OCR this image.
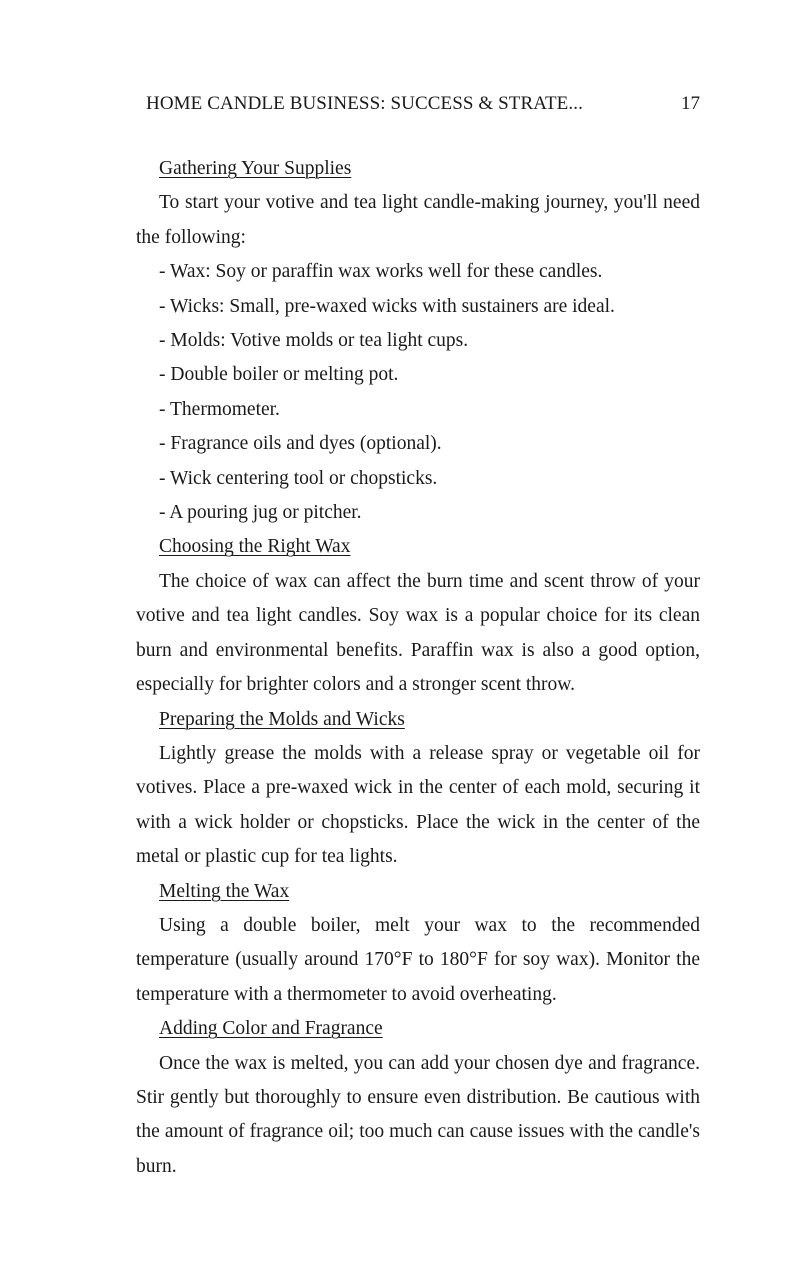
HOME CANDLE BUSINESS: SUCCESS & STRATE...	17

Gathering Your Supplies

To start your votive and tea light candle-making journey, you'll need the following:

- Wax: Soy or paraffin wax works well for these candles.
- Wicks: Small, pre-waxed wicks with sustainers are ideal.
- Molds: Votive molds or tea light cups.
- Double boiler or melting pot.
- Thermometer.
- Fragrance oils and dyes (optional).
- Wick centering tool or chopsticks.
- A pouring jug or pitcher.

Choosing the Right Wax

The choice of wax can affect the burn time and scent throw of your votive and tea light candles. Soy wax is a popular choice for its clean burn and environmental benefits. Paraffin wax is also a good option, especially for brighter colors and a stronger scent throw.

Preparing the Molds and Wicks

Lightly grease the molds with a release spray or vegetable oil for votives. Place a pre-waxed wick in the center of each mold, securing it with a wick holder or chopsticks. Place the wick in the center of the metal or plastic cup for tea lights.

Melting the Wax

Using a double boiler, melt your wax to the recommended temperature (usually around 170°F to 180°F for soy wax). Monitor the temperature with a thermometer to avoid overheating.

Adding Color and Fragrance

Once the wax is melted, you can add your chosen dye and fragrance. Stir gently but thoroughly to ensure even distribution. Be cautious with the amount of fragrance oil; too much can cause issues with the candle's burn.
